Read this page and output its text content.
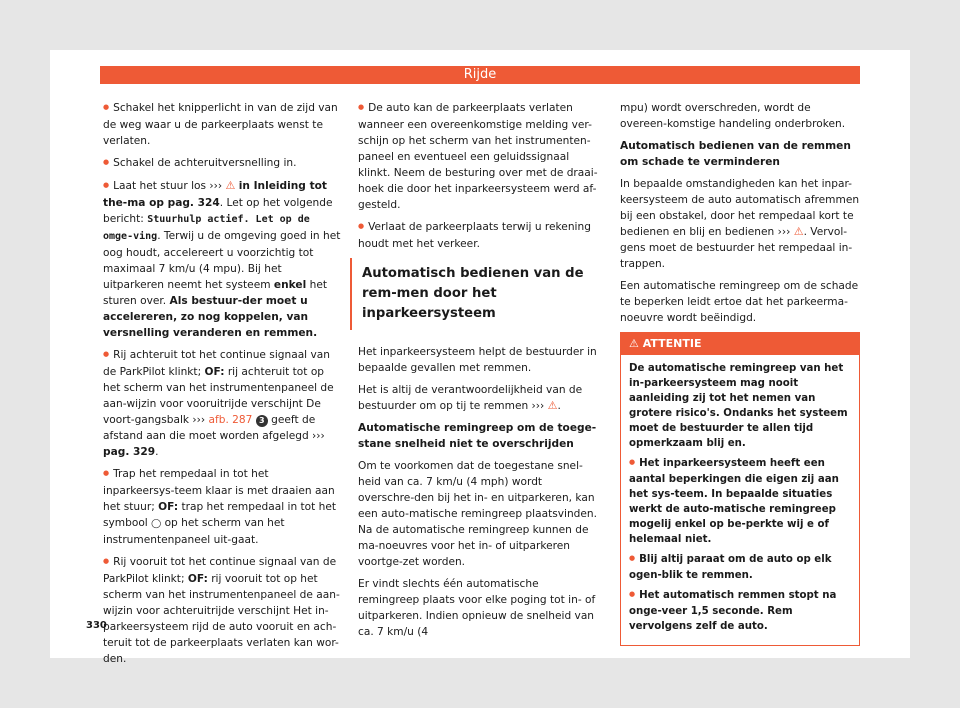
Rijde

● Schakel het knipperlicht in van de zijd van de weg waar u de parkeerplaats wenst te verlaten.

● Schakel de achteruitversnelling in.

● Laat het stuur los ››› ⚠ in Inleiding tot the-ma op pag. 324. Let op het volgende bericht: Stuurhulp actief. Let op de omge-ving. Terwij u de omgeving goed in het oog houdt, accelereert u voorzichtig tot maximaal 7 km/u (4 mpu). Bij het uitparkeren neemt het systeem enkel het sturen over. Als bestuur-der moet u accelereren, zo nog koppelen, van versnelling veranderen en remmen.

● Rij achteruit tot het continue signaal van de ParkPilot klinkt; OF: rij achteruit tot op het scherm van het instrumentenpaneel de aan-wijzin voor vooruitrijde verschijnt De voort-gangsbalk ››› afb. 287 3 geeft de afstand aan die moet worden afgelegd ››› pag. 329.

● Trap het rempedaal in tot het inparkeersys-teem klaar is met draaien aan het stuur; OF: trap het rempedaal in tot het symbool ◯ op het scherm van het instrumentenpaneel uit-gaat.

● Rij vooruit tot het continue signaal van de ParkPilot klinkt; OF: rij vooruit tot op het scherm van het instrumentenpaneel de aan-wijzin voor achteruitrijde verschijnt Het in-parkeersysteem rijd de auto vooruit en ach-teruit tot de parkeerplaats verlaten kan wor-den.

● De auto kan de parkeerplaats verlaten wanneer een overeenkomstige melding ver-schijn op het scherm van het instrumenten-paneel en eventueel een geluidssignaal klinkt. Neem de besturing over met de draai-hoek die door het inparkeersysteem werd af-gesteld.

● Verlaat de parkeerplaats terwij u rekening houdt met het verkeer.

Automatisch bedienen van de rem-men door het inparkeersysteem

Het inparkeersysteem helpt de bestuurder in bepaalde gevallen met remmen.

Het is altij de verantwoordelijkheid van de bestuurder om op tij te remmen ››› ⚠.

Automatische remingreep om de toege-stane snelheid niet te overschrijden

Om te voorkomen dat de toegestane snel-heid van ca. 7 km/u (4 mph) wordt overschre-den bij het in- en uitparkeren, kan een auto-matische remingreep plaatsvinden. Na de automatische remingreep kunnen de ma-noeuvres voor het in- of uitparkeren voortge-zet worden.

Er vindt slechts één automatische remingreep plaats voor elke poging tot in- of uitparkeren. Indien opnieuw de snelheid van ca. 7 km/u (4

mpu) wordt overschreden, wordt de overeen-komstige handeling onderbroken.

Automatisch bedienen van de remmen om schade te verminderen

In bepaalde omstandigheden kan het inpar-keersysteem de auto automatisch afremmen bij een obstakel, door het rempedaal kort te bedienen en blij en bedienen ››› ⚠. Vervol-gens moet de bestuurder het rempedaal in-trappen.

Een automatische remingreep om de schade te beperken leidt ertoe dat het parkeerma-noeuvre wordt beëindigd.

⚠ ATTENTIE

De automatische remingreep van het in-parkeersysteem mag nooit aanleiding zij tot het nemen van grotere risico's. Ondanks het systeem moet de bestuurder te allen tijd opmerkzaam blij en.

● Het inparkeersysteem heeft een aantal beperkingen die eigen zij aan het sys-teem. In bepaalde situaties werkt de auto-matische remingreep mogelij enkel op be-perkte wij e of helemaal niet.

● Blij altij paraat om de auto op elk ogen-blik te remmen.

● Het automatisch remmen stopt na onge-veer 1,5 seconde. Rem vervolgens zelf de auto.

330
